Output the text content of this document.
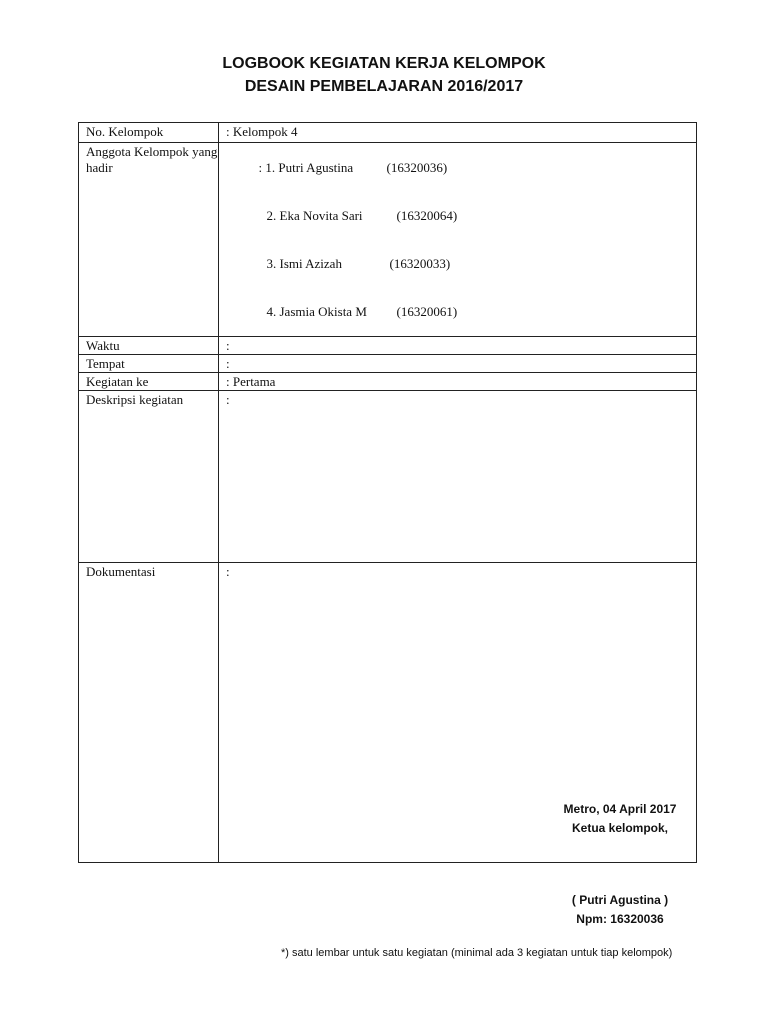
LOGBOOK KEGIATAN KERJA KELOMPOK
DESAIN PEMBELAJARAN 2016/2017
No. Kelompok	: Kelompok 4
Anggota Kelompok yang hadir	: 1. Putri Agustina (16320036)

2. Eka Novita Sari (16320064)

3. Ismi Azizah (16320033)

4. Jasmia Okista M (16320061)

Waktu	:
Tempat	:
Kegiatan ke	: Pertama
Deskripsi kegiatan	:
Dokumentasi	:
Metro, 04 April 2017
Ketua kelompok,
( Putri Agustina )
Npm: 16320036
*) satu lembar untuk satu kegiatan (minimal ada 3 kegiatan untuk tiap kelompok)
